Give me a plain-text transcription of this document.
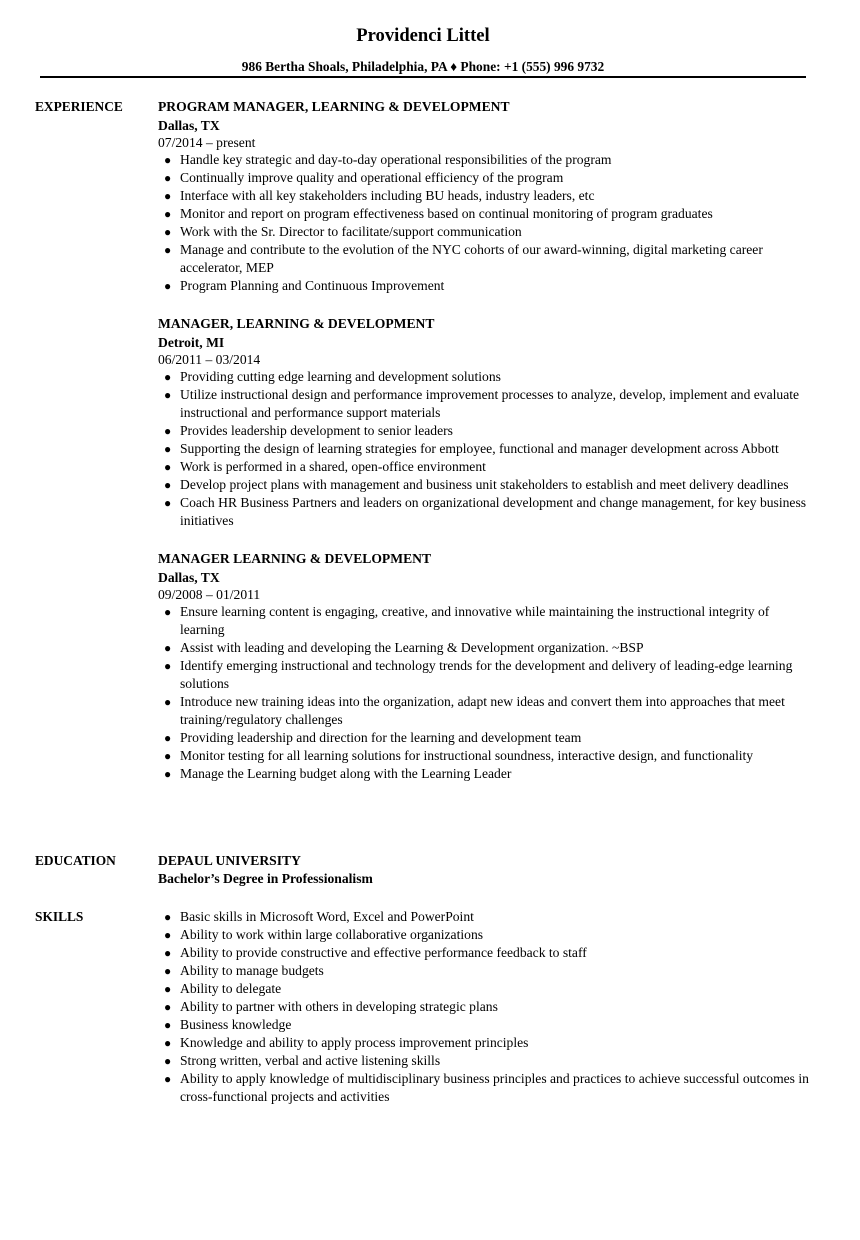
Providenci Littel
986 Bertha Shoals, Philadelphia, PA ♦ Phone: +1 (555) 996 9732
EXPERIENCE	PROGRAM MANAGER, LEARNING & DEVELOPMENT
Dallas, TX
07/2014 – present
● Handle key strategic and day-to-day operational responsibilities of the program
● Continually improve quality and operational efficiency of the program
● Interface with all key stakeholders including BU heads, industry leaders, etc
● Monitor and report on program effectiveness based on continual monitoring of program graduates
● Work with the Sr. Director to facilitate/support communication
● Manage and contribute to the evolution of the NYC cohorts of our award-winning, digital marketing career accelerator, MEP
● Program Planning and Continuous Improvement
MANAGER, LEARNING & DEVELOPMENT
Detroit, MI
06/2011 – 03/2014
● Providing cutting edge learning and development solutions
● Utilize instructional design and performance improvement processes to analyze, develop, implement and evaluate instructional and performance support materials
● Provides leadership development to senior leaders
● Supporting the design of learning strategies for employee, functional and manager development across Abbott
● Work is performed in a shared, open-office environment
● Develop project plans with management and business unit stakeholders to establish and meet delivery deadlines
● Coach HR Business Partners and leaders on organizational development and change management, for key business initiatives
MANAGER LEARNING & DEVELOPMENT
Dallas, TX
09/2008 – 01/2011
● Ensure learning content is engaging, creative, and innovative while maintaining the instructional integrity of learning
● Assist with leading and developing the Learning & Development organization. ~BSP
● Identify emerging instructional and technology trends for the development and delivery of leading-edge learning solutions
● Introduce new training ideas into the organization, adapt new ideas and convert them into approaches that meet training/regulatory challenges
● Providing leadership and direction for the learning and development team
● Monitor testing for all learning solutions for instructional soundness, interactive design, and functionality
● Manage the Learning budget along with the Learning Leader
EDUCATION	DEPAUL UNIVERSITY
Bachelor’s Degree in Professionalism
SKILLS	● Basic skills in Microsoft Word, Excel and PowerPoint
● Ability to work within large collaborative organizations
● Ability to provide constructive and effective performance feedback to staff
● Ability to manage budgets
● Ability to delegate
● Ability to partner with others in developing strategic plans
● Business knowledge
● Knowledge and ability to apply process improvement principles
● Strong written, verbal and active listening skills
● Ability to apply knowledge of multidisciplinary business principles and practices to achieve successful outcomes in cross-functional projects and activities
